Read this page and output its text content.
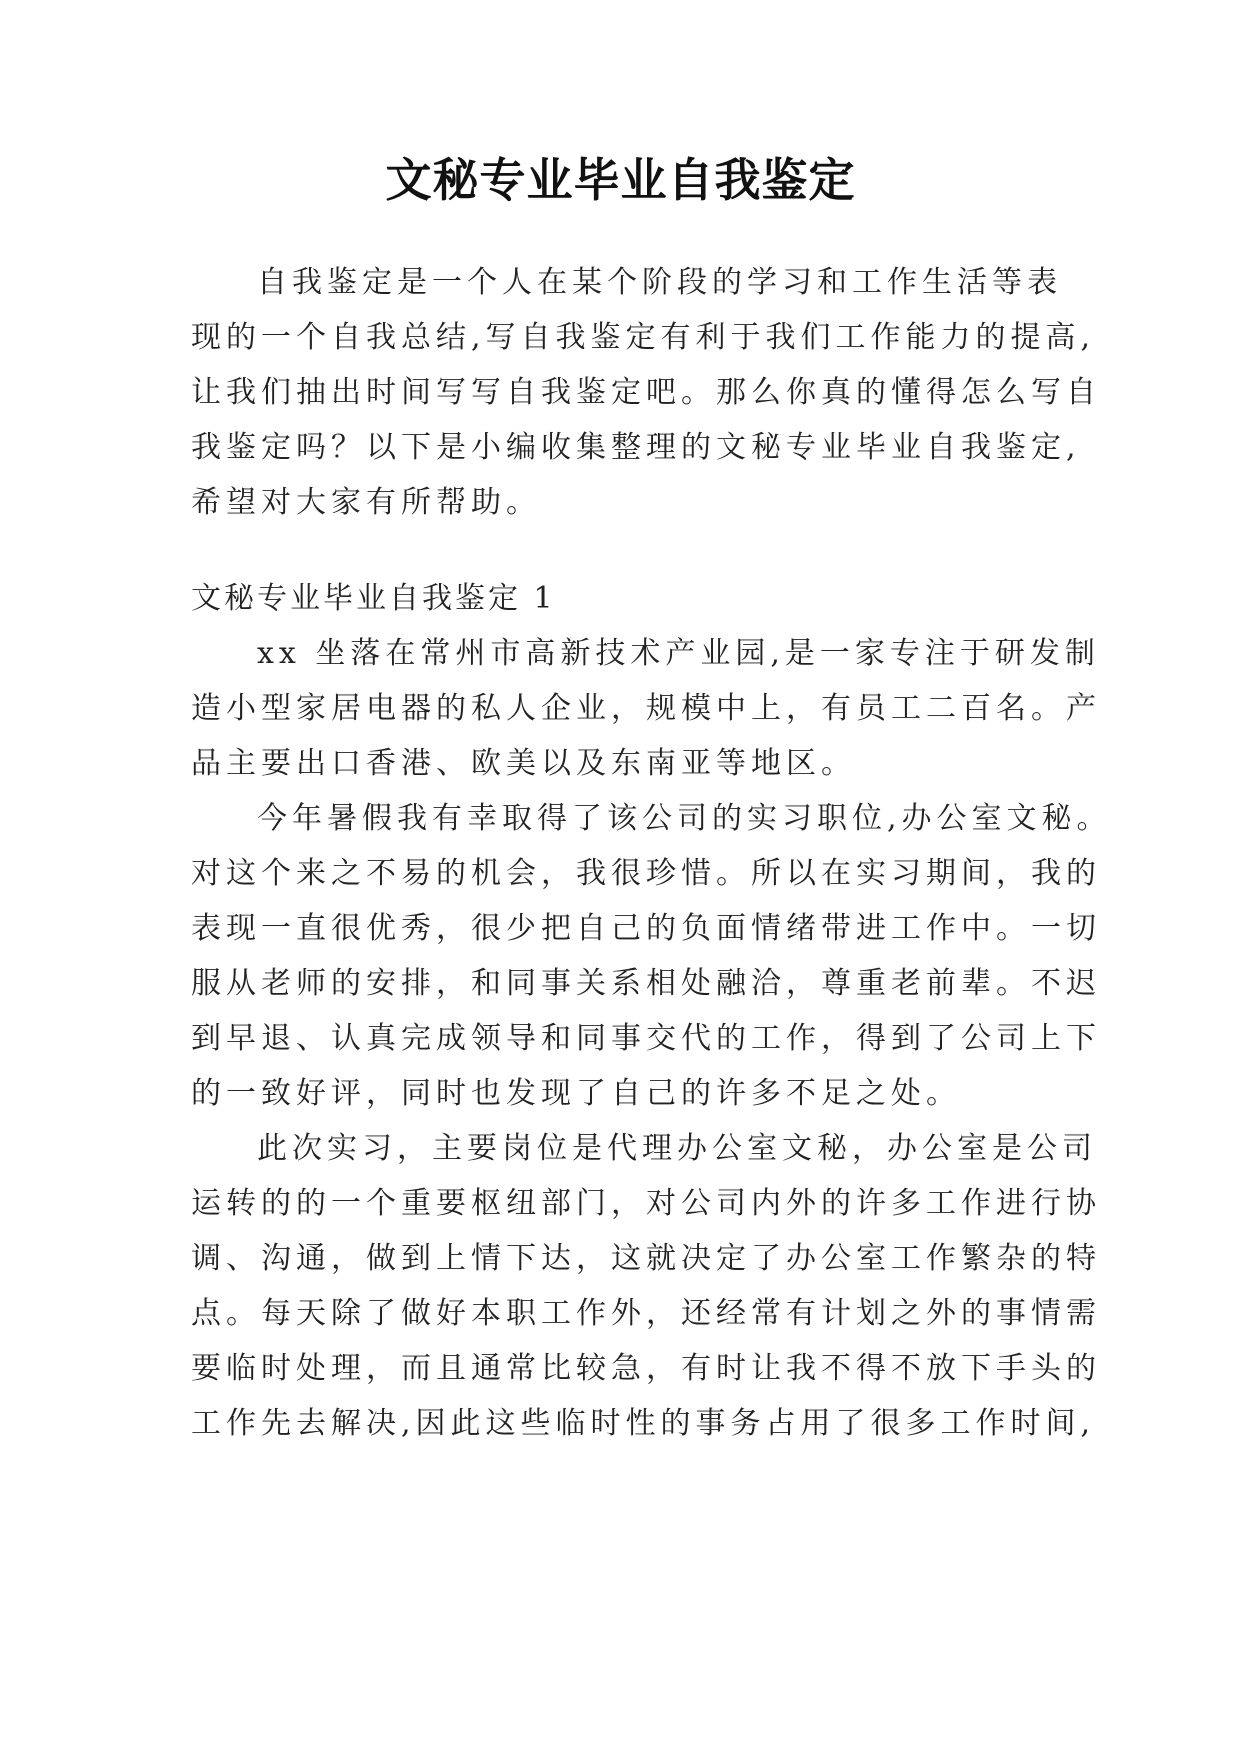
文秘专业毕业自我鉴定
自我鉴定是一个人在某个阶段的学习和工作生活等表
现的一个自我总结,写自我鉴定有利于我们工作能力的提高,
让我们抽出时间写写自我鉴定吧。那么你真的懂得怎么写自
我鉴定吗？以下是小编收集整理的文秘专业毕业自我鉴定,
希望对大家有所帮助。
文秘专业毕业自我鉴定 1
xx 坐落在常州市高新技术产业园,是一家专注于研发制
造小型家居电器的私人企业，规模中上，有员工二百名。产
品主要出口香港、欧美以及东南亚等地区。
今年暑假我有幸取得了该公司的实习职位,办公室文秘。
对这个来之不易的机会，我很珍惜。所以在实习期间，我的
表现一直很优秀，很少把自己的负面情绪带进工作中。一切
服从老师的安排，和同事关系相处融洽，尊重老前辈。不迟
到早退、认真完成领导和同事交代的工作，得到了公司上下
的一致好评，同时也发现了自己的许多不足之处。
此次实习，主要岗位是代理办公室文秘，办公室是公司
运转的的一个重要枢纽部门，对公司内外的许多工作进行协
调、沟通，做到上情下达，这就决定了办公室工作繁杂的特
点。每天除了做好本职工作外，还经常有计划之外的事情需
要临时处理，而且通常比较急，有时让我不得不放下手头的
工作先去解决,因此这些临时性的事务占用了很多工作时间,
